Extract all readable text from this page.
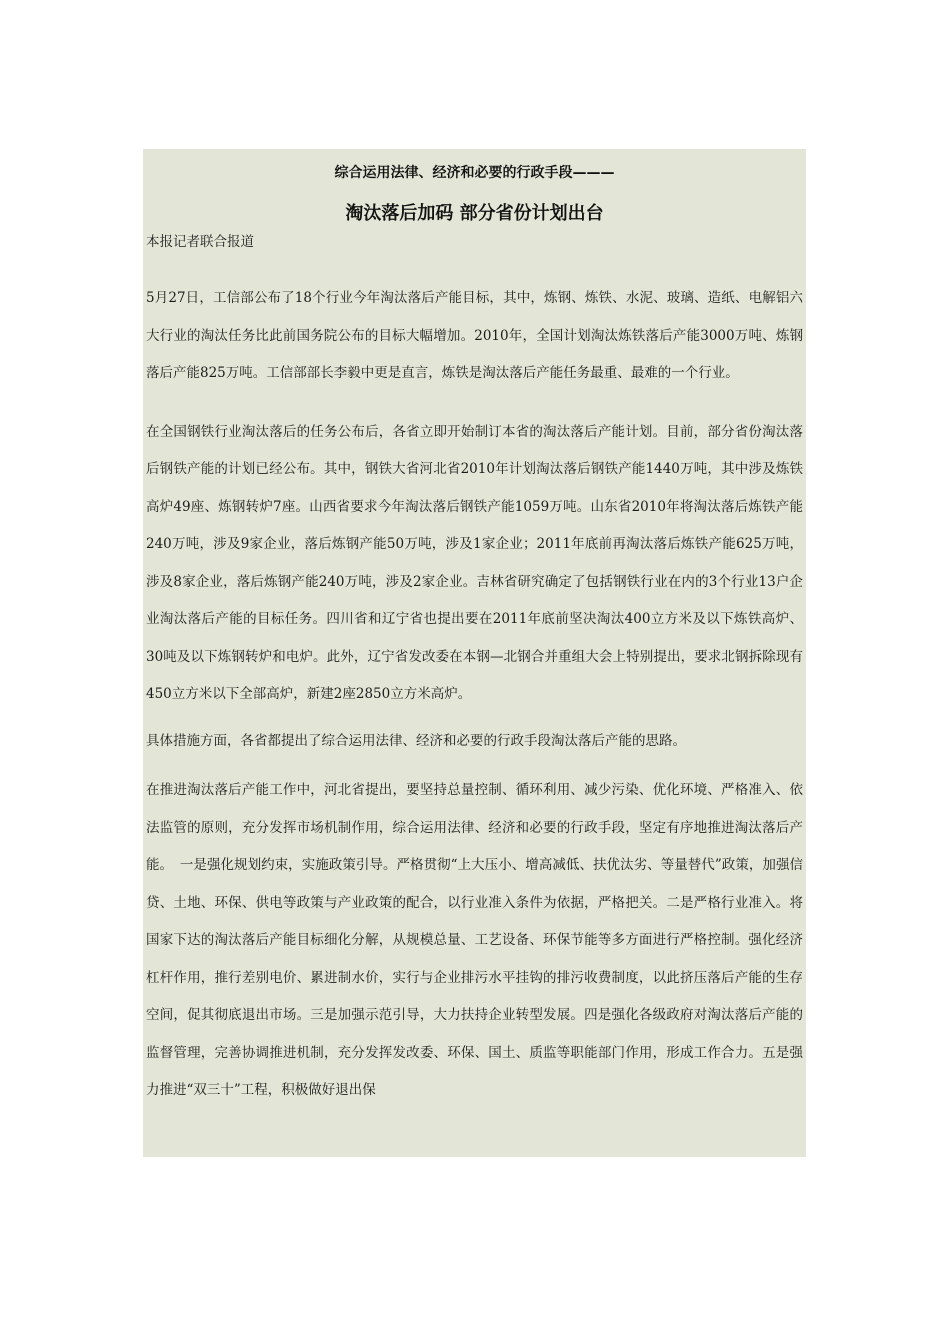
综合运用法律、经济和必要的行政手段———
淘汰落后加码 部分省份计划出台
本报记者联合报道

5月27日，工信部公布了18个行业今年淘汰落后产能目标，其中，炼钢、炼铁、水泥、玻璃、造纸、电解铝六大行业的淘汰任务比此前国务院公布的目标大幅增加。2010年，全国计划淘汰炼铁落后产能3000万吨、炼钢落后产能825万吨。工信部部长李毅中更是直言，炼铁是淘汰落后产能任务最重、最难的一个行业。

在全国钢铁行业淘汰落后的任务公布后，各省立即开始制订本省的淘汰落后产能计划。目前，部分省份淘汰落后钢铁产能的计划已经公布。其中，钢铁大省河北省2010年计划淘汰落后钢铁产能1440万吨，其中涉及炼铁高炉49座、炼钢转炉7座。山西省要求今年淘汰落后钢铁产能1059万吨。山东省2010年将淘汰落后炼铁产能240万吨，涉及9家企业，落后炼钢产能50万吨，涉及1家企业；2011年底前再淘汰落后炼铁产能625万吨，涉及8家企业，落后炼钢产能240万吨，涉及2家企业。吉林省研究确定了包括钢铁行业在内的3个行业13户企业淘汰落后产能的目标任务。四川省和辽宁省也提出要在2011年底前坚决淘汰400立方米及以下炼铁高炉、30吨及以下炼钢转炉和电炉。此外，辽宁省发改委在本钢—北钢合并重组大会上特别提出，要求北钢拆除现有450立方米以下全部高炉，新建2座2850立方米高炉。

具体措施方面，各省都提出了综合运用法律、经济和必要的行政手段淘汰落后产能的思路。

在推进淘汰落后产能工作中，河北省提出，要坚持总量控制、循环利用、减少污染、优化环境、严格准入、依法监管的原则，充分发挥市场机制作用，综合运用法律、经济和必要的行政手段，坚定有序地推进淘汰落后产能。　一是强化规划约束，实施政策引导。严格贯彻“上大压小、增高减低、扶优汰劣、等量替代”政策，加强信贷、土地、环保、供电等政策与产业政策的配合，以行业准入条件为依据，严格把关。二是严格行业准入。将国家下达的淘汰落后产能目标细化分解，从规模总量、工艺设备、环保节能等多方面进行严格控制。强化经济杠杆作用，推行差别电价、累进制水价，实行与企业排污水平挂钩的排污收费制度，以此挤压落后产能的生存空间，促其彻底退出市场。三是加强示范引导，大力扶持企业转型发展。四是强化各级政府对淘汰落后产能的监督管理，完善协调推进机制，充分发挥发改委、环保、国土、质监等职能部门作用，形成工作合力。五是强力推进“双三十”工程，积极做好退出保
